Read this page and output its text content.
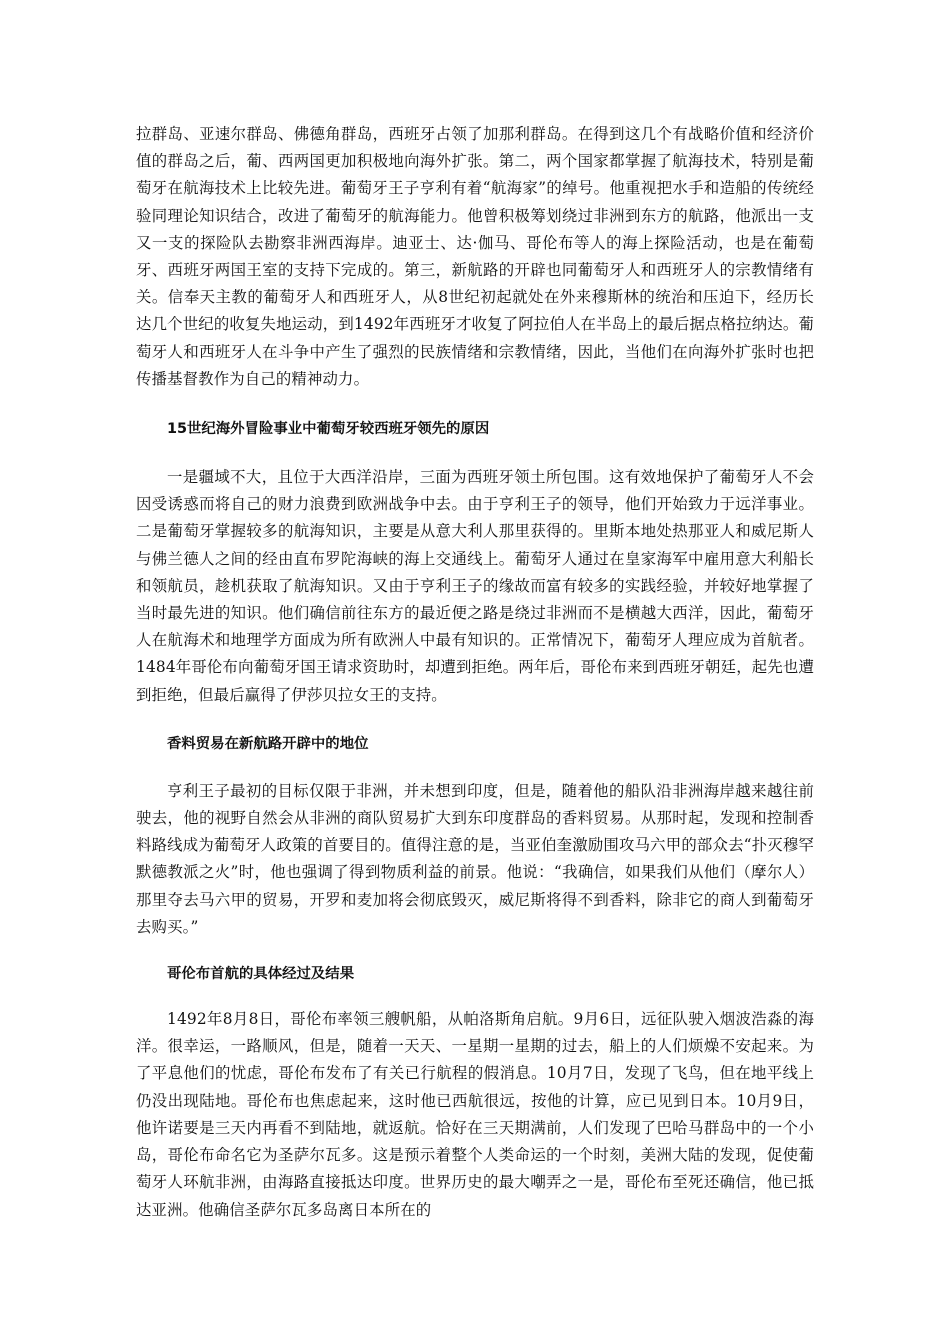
拉群岛、亚速尔群岛、佛德角群岛，西班牙占领了加那利群岛。在得到这几个有战略价值和经济价值的群岛之后，葡、西两国更加积极地向海外扩张。第二，两个国家都掌握了航海技术，特别是葡萄牙在航海技术上比较先进。葡萄牙王子亨利有着“航海家”的绰号。他重视把水手和造船的传统经验同理论知识结合，改进了葡萄牙的航海能力。他曾积极筹划绕过非洲到东方的航路，他派出一支又一支的探险队去勘察非洲西海岸。迪亚士、达·伽马、哥伦布等人的海上探险活动，也是在葡萄牙、西班牙两国王室的支持下完成的。第三，新航路的开辟也同葡萄牙人和西班牙人的宗教情绪有关。信奉天主教的葡萄牙人和西班牙人，从8世纪初起就处在外来穆斯林的统治和压迫下，经历长达几个世纪的收复失地运动，到1492年西班牙才收复了阿拉伯人在半岛上的最后据点格拉纳达。葡萄牙人和西班牙人在斗争中产生了强烈的民族情绪和宗教情绪，因此，当他们在向海外扩张时也把传播基督教作为自己的精神动力。

15世纪海外冒险事业中葡萄牙较西班牙领先的原因

一是疆域不大，且位于大西洋沿岸，三面为西班牙领土所包围。这有效地保护了葡萄牙人不会因受诱惑而将自己的财力浪费到欧洲战争中去。由于亨利王子的领导，他们开始致力于远洋事业。二是葡萄牙掌握较多的航海知识，主要是从意大利人那里获得的。里斯本地处热那亚人和威尼斯人与佛兰德人之间的经由直布罗陀海峡的海上交通线上。葡萄牙人通过在皇家海军中雇用意大利船长和领航员，趁机获取了航海知识。又由于亨利王子的缘故而富有较多的实践经验，并较好地掌握了当时最先进的知识。他们确信前往东方的最近便之路是绕过非洲而不是横越大西洋，因此，葡萄牙人在航海术和地理学方面成为所有欧洲人中最有知识的。正常情况下，葡萄牙人理应成为首航者。1484年哥伦布向葡萄牙国王请求资助时，却遭到拒绝。两年后，哥伦布来到西班牙朝廷，起先也遭到拒绝，但最后赢得了伊莎贝拉女王的支持。

香料贸易在新航路开辟中的地位

亨利王子最初的目标仅限于非洲，并未想到印度，但是，随着他的船队沿非洲海岸越来越往前驶去，他的视野自然会从非洲的商队贸易扩大到东印度群岛的香料贸易。从那时起，发现和控制香料路线成为葡萄牙人政策的首要目的。值得注意的是，当亚伯奎激励围攻马六甲的部众去“扑灭穆罕默德教派之火”时，他也强调了得到物质利益的前景。他说：“我确信，如果我们从他们（摩尔人）那里夺去马六甲的贸易，开罗和麦加将会彻底毁灭，威尼斯将得不到香料，除非它的商人到葡萄牙去购买。”

哥伦布首航的具体经过及结果

1492年8月8日，哥伦布率领三艘帆船，从帕洛斯角启航。9月6日，远征队驶入烟波浩淼的海洋。很幸运，一路顺风，但是，随着一天天、一星期一星期的过去，船上的人们烦燥不安起来。为了平息他们的忧虑，哥伦布发布了有关已行航程的假消息。10月7日，发现了飞鸟，但在地平线上仍没出现陆地。哥伦布也焦虑起来，这时他已西航很远，按他的计算，应已见到日本。10月9日，他许诺要是三天内再看不到陆地，就返航。恰好在三天期满前，人们发现了巴哈马群岛中的一个小岛，哥伦布命名它为圣萨尔瓦多。这是预示着整个人类命运的一个时刻，美洲大陆的发现，促使葡萄牙人环航非洲，由海路直接抵达印度。世界历史的最大嘲弄之一是，哥伦布至死还确信，他已抵达亚洲。他确信圣萨尔瓦多岛离日本所在的
